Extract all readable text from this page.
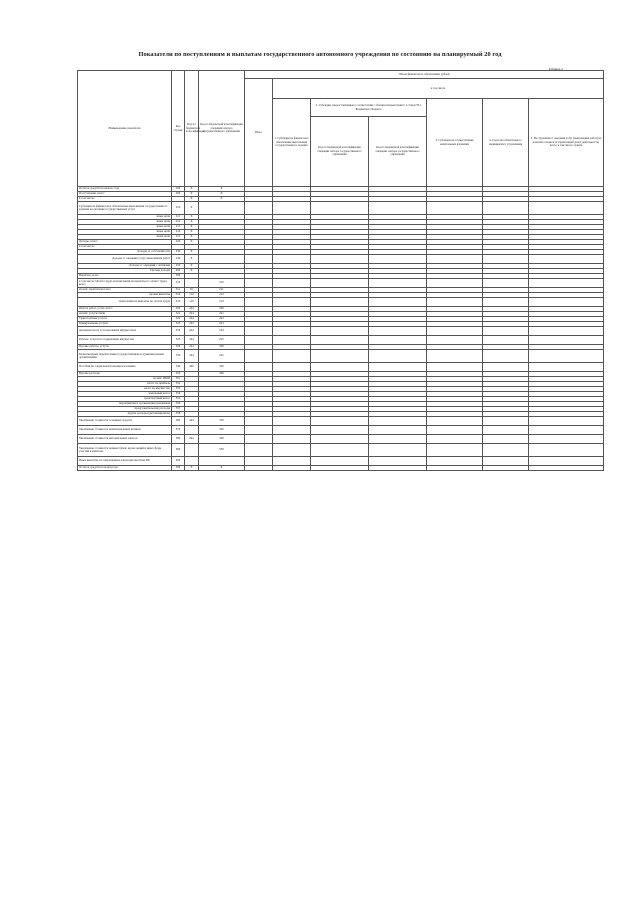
Показатели по поступлениям и выплатам государственного автономного учреждения по состоянию на планируемый 20 год
Таблица 2
Наименование показателя	Код строки	Код по бюджетной классификации	Код по бюджетной классификации операции сектора государственного управления	Объем финансового обеспечения, рублей						
				Всего	в том числе					
					1. Субсидии на финансовое обеспечение выполнения государственного задания	2. Субсидии, предоставляемые в соответствии с абзацем вторым пункта 1 статьи 78.1 Бюджетного Кодекса		3. Субсидии на осуществление капитальных вложений	4. Средства обязательного медицинского страхования	5. Поступления от оказания услуг (выполнения работ) на платной основе и от приносящей доход деятельности, всего, в том числе: гранты
						Код по бюджетной классификации операции сектора государственного управления	Код по бюджетной классификации операции сектора государственного управления			
Остаток средств на начало года	100	Х	Х							
Поступления, всего:	200	Х	Х							
в том числе:		Х	Х							
Субсидии на финансовое обеспечение выполнения государственного задания на оказание государственных услуг	210	Х								
иные цели	211	Х								
иные цели	212	Х								
иные цели	213	Х								
иные цели	214	Х								
иные цели	215	Х								
Доходы, всего:	220	Х								
в том числе:										
Доходы от собственности	230	Х								
Доходы от оказания услуг, выполнения работ	240	Х								
Доходы от операций с активами	250	Х								
Прочие доходы	260	Х								
Выплаты, всего	300									
в том числе: Оплата труда и начисления на выплаты по оплате труда, всего	310		210							
из них: заработная плата	311	111	211							
прочие выплаты	312	112	212							
начисления на выплаты по оплате труда	313	119	213							
Оплата работ, услуг, всего	320	244	220							
из них: услуги связи	321	244	221							
Транспортные услуги	322	244	222							
Коммунальные услуги	323	244	223							
Арендная плата за пользование имуществом	324	244	224							
Работы, услуги по содержанию имущества	325	244	225							
Прочие работы, услуги	326	244	226							
Безвозмездные перечисления государственным и муниципальным организациям	330	244	241							
Пособия по социальной помощи населению	340	340	262							
Прочие расходы	350		290							
из них: ИМП	351									
налог на прибыль	352									
налог на имущество	353									
земельный налог	354									
транспортный налог	355									
мероприятия и организация праздников	356									
представительские расходы	357									
другие расходы (детализировать)	358									
Увеличение стоимости основных средств	360	244	310							
Увеличение стоимости нематериальных активов	370		320							
Увеличение стоимости материальных запасов	380	244	340							
Увеличение стоимости ценных бумаг, кроме акций и иных форм участия в капитале	390		530							
Иные выплаты, не запрещенные законодательством РФ	400									
Остаток средств на конец года	500	Х	Х							
